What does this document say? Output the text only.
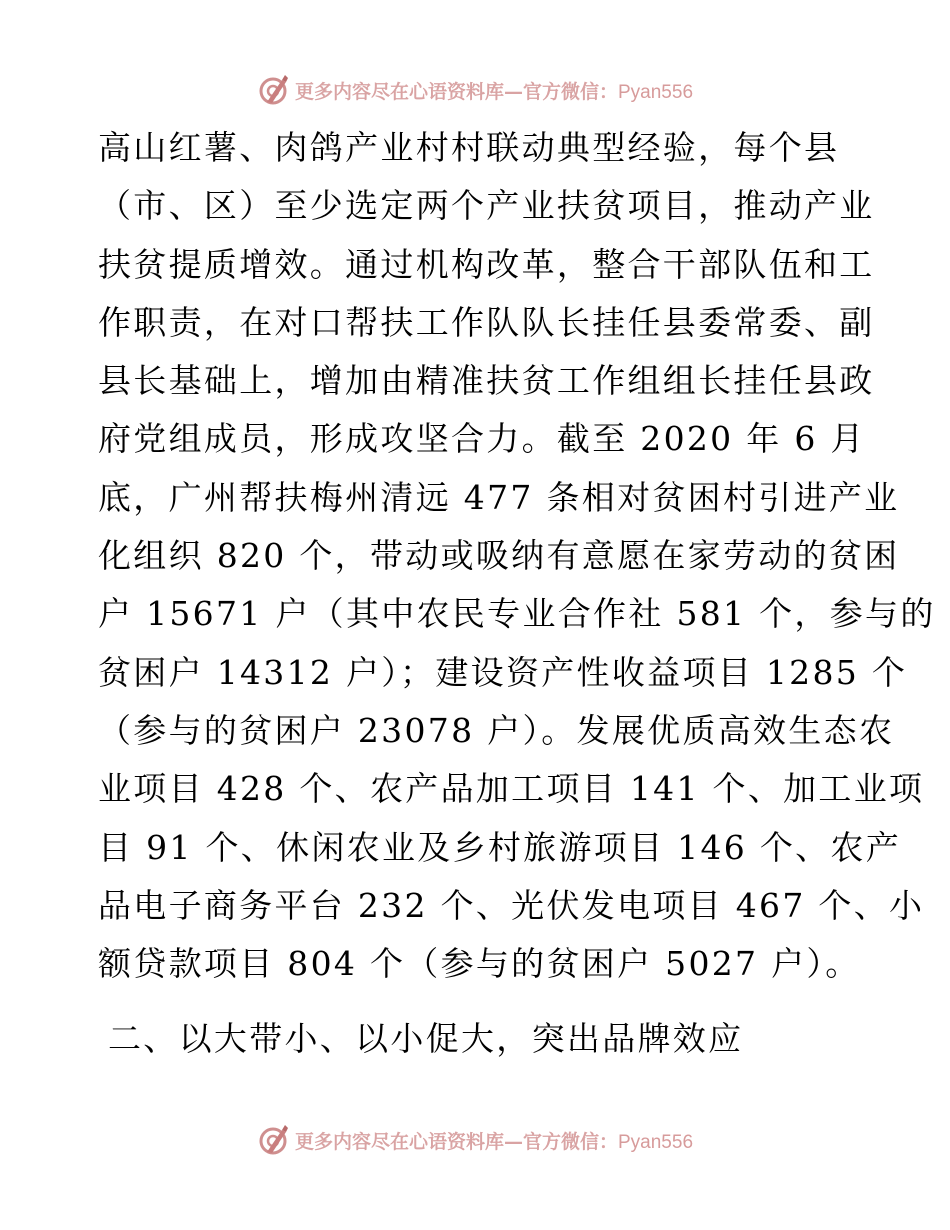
更多内容尽在心语资料库—官方微信：Pyan556
高山红薯、肉鸽产业村村联动典型经验，每个县
（市、区）至少选定两个产业扶贫项目，推动产业
扶贫提质增效。通过机构改革，整合干部队伍和工
作职责，在对口帮扶工作队队长挂任县委常委、副
县长基础上，增加由精准扶贫工作组组长挂任县政
府党组成员，形成攻坚合力。截至 2020 年 6 月
底，广州帮扶梅州清远 477 条相对贫困村引进产业
化组织 820 个，带动或吸纳有意愿在家劳动的贫困
户 15671 户（其中农民专业合作社 581 个，参与的
贫困户 14312 户）；建设资产性收益项目 1285 个
（参与的贫困户 23078 户）。发展优质高效生态农
业项目 428 个、农产品加工项目 141 个、加工业项
目 91 个、休闲农业及乡村旅游项目 146 个、农产
品电子商务平台 232 个、光伏发电项目 467 个、小
额贷款项目 804 个（参与的贫困户 5027 户）。
二、以大带小、以小促大，突出品牌效应
更多内容尽在心语资料库—官方微信：Pyan556
